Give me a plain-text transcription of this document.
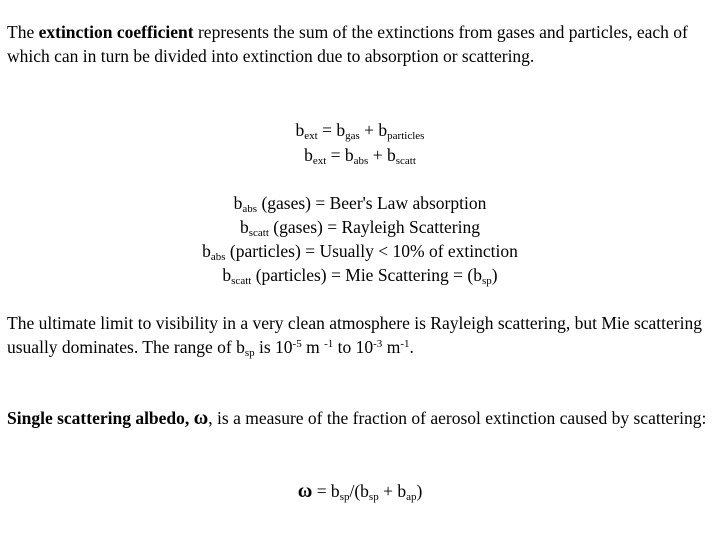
The extinction coefficient represents the sum of the extinctions from gases and particles, each of which can in turn be divided into extinction due to absorption or scattering.

$b_{ext} = b_{gas} + b_{particles}$

$b_{ext} = b_{abs} + b_{scatt}$

$b_{abs}$ (gases) = Beer's Law absorption

$b_{scatt}$ (gases) = Rayleigh Scattering

$b_{abs}$ (particles) = Usually < 10% of extinction

$b_{scatt}$ (particles) = Mie Scattering = $(b_{sp})$

The ultimate limit to visibility in a very clean atmosphere is Rayleigh scattering, but Mie scattering usually dominates. The range of $b_{sp}$ is $10^{-5}$ m $^{-1}$ to $10^{-3}$ $m^{-1}$.

Single scattering albedo, ω, is a measure of the fraction of aerosol extinction caused by scattering:

$\omega = b_{sp}/(b_{sp} + b_{ap})$
